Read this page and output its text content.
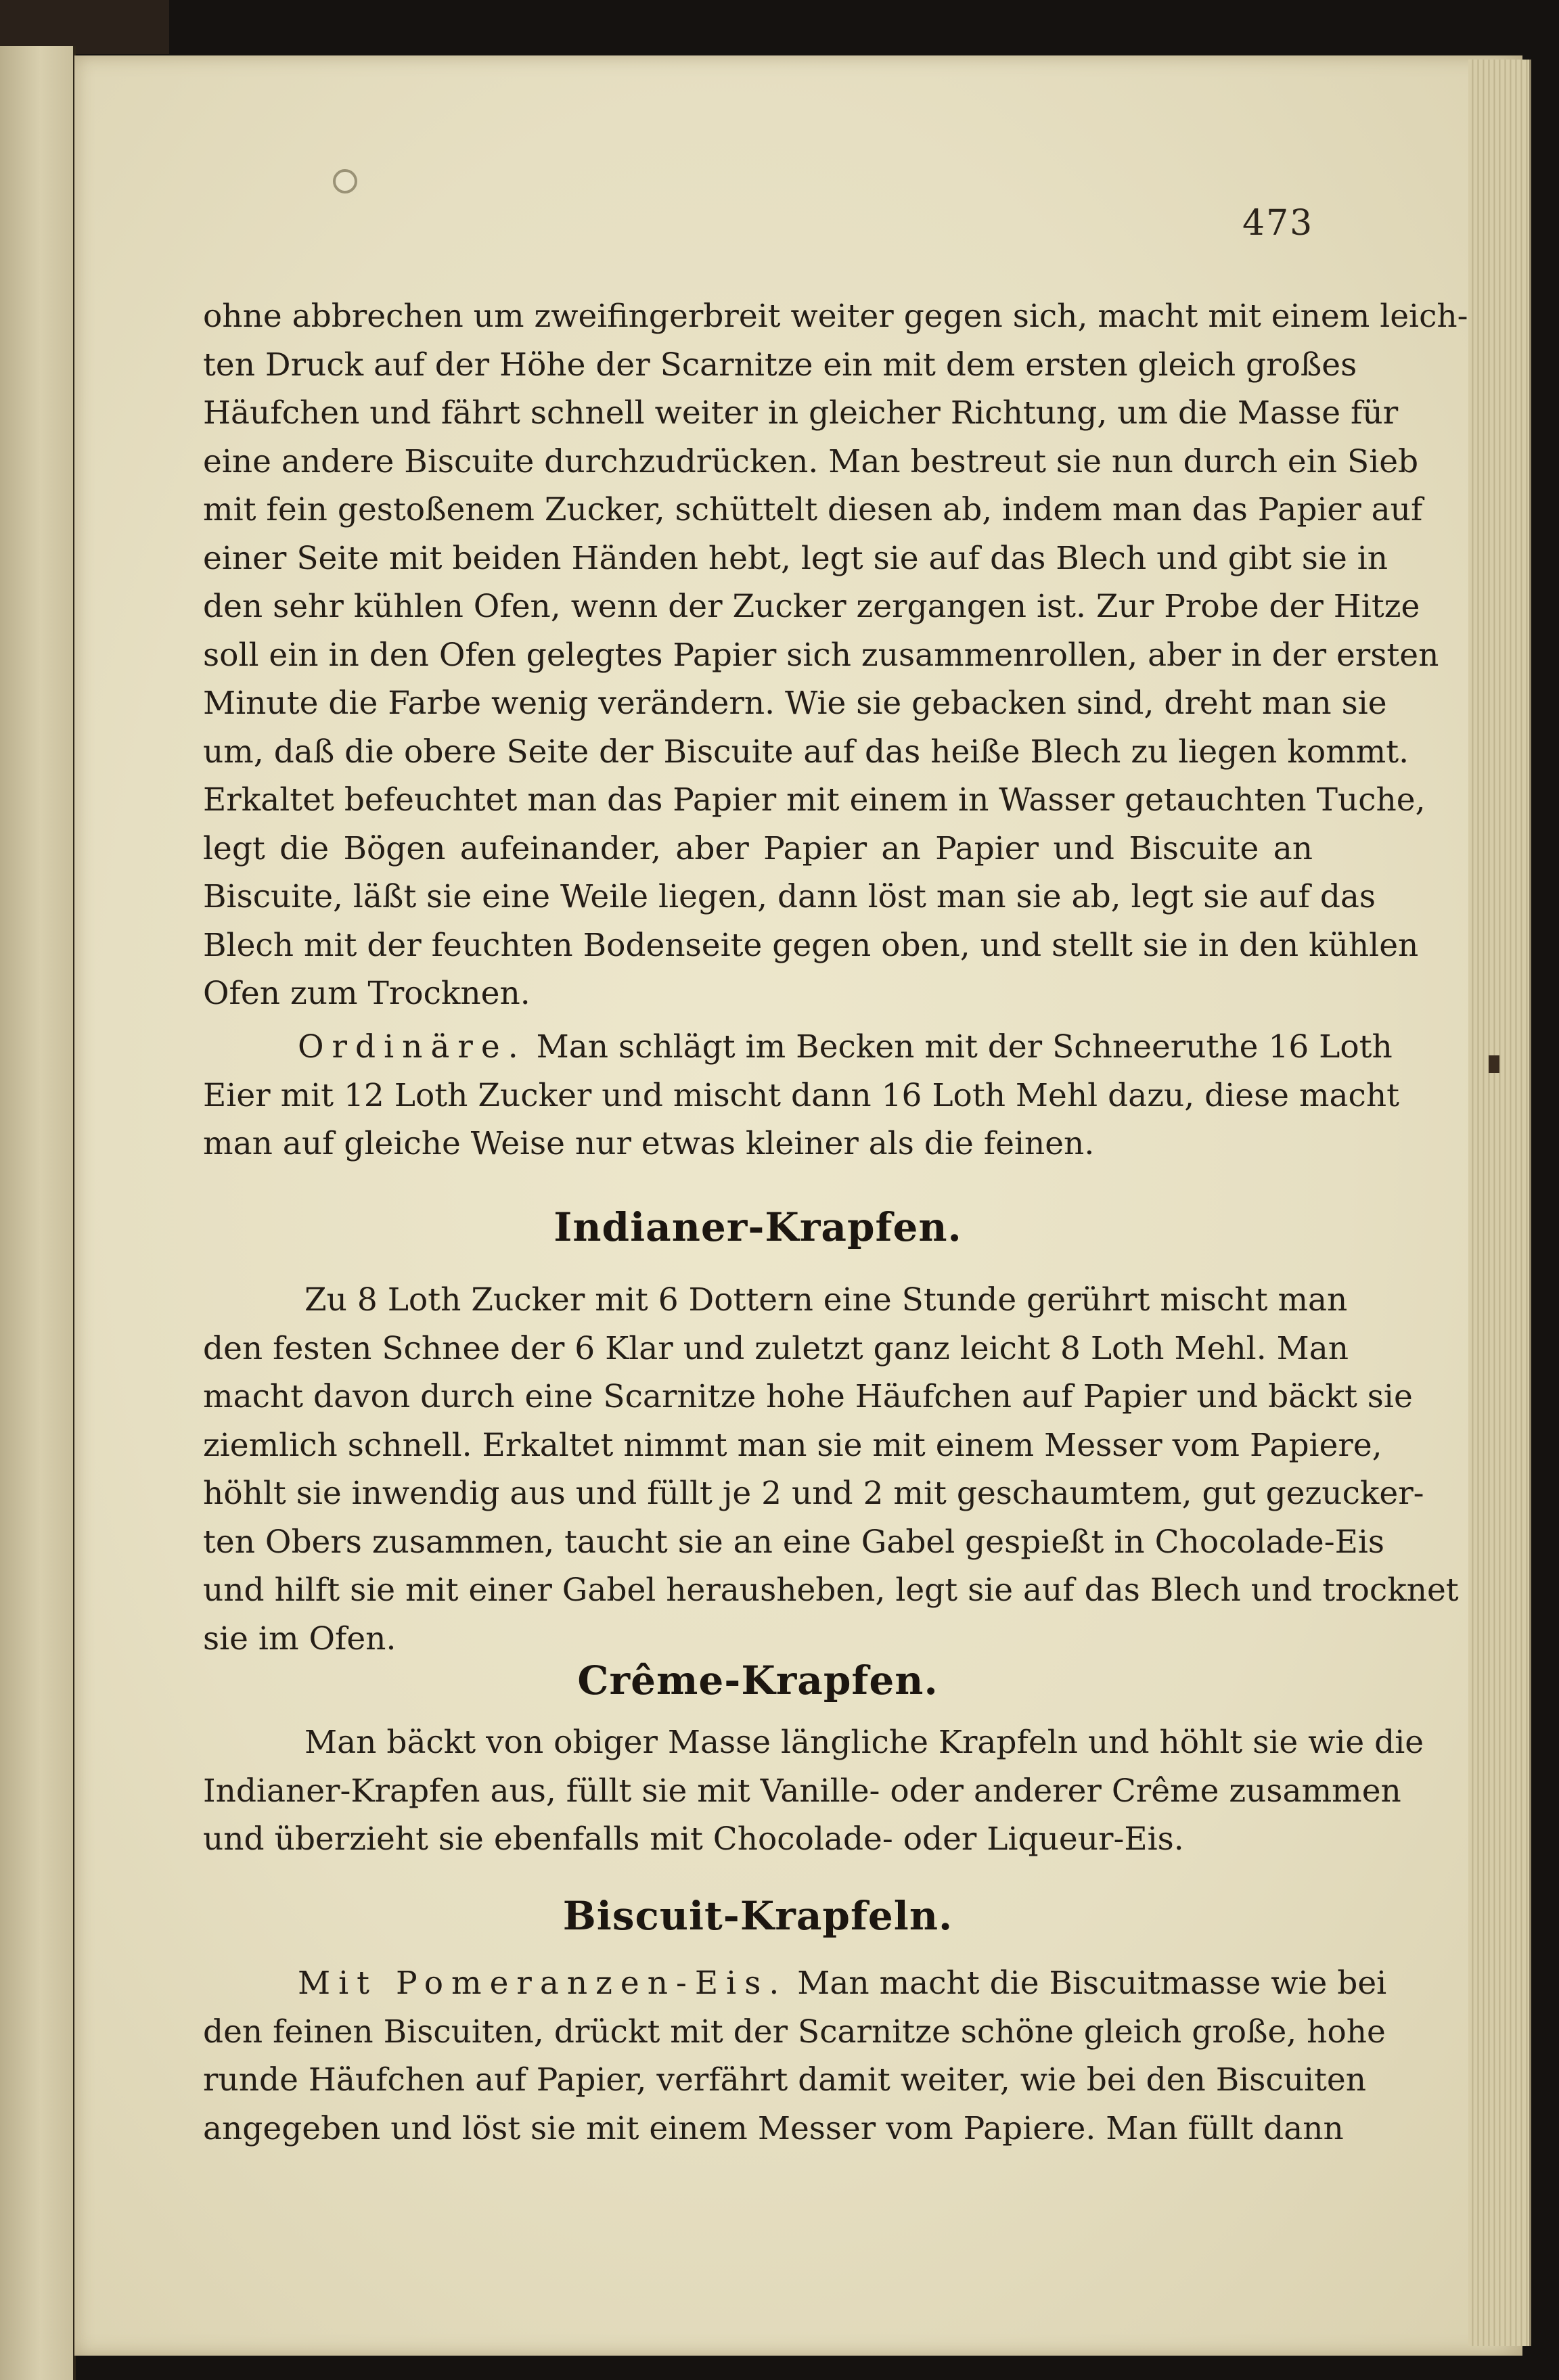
473
ohne abbrechen um zweifingerbreit weiter gegen sich, macht mit einem leich-
ten Druck auf der Höhe der Scarnitze ein mit dem ersten gleich großes
Häufchen und fährt schnell weiter in gleicher Richtung, um die Masse für
eine andere Biscuite durchzudrücken. Man bestreut sie nun durch ein Sieb
mit fein gestoßenem Zucker, schüttelt diesen ab, indem man das Papier auf
einer Seite mit beiden Händen hebt, legt sie auf das Blech und gibt sie in
den sehr kühlen Ofen, wenn der Zucker zergangen ist. Zur Probe der Hitze
soll ein in den Ofen gelegtes Papier sich zusammenrollen, aber in der ersten
Minute die Farbe wenig verändern. Wie sie gebacken sind, dreht man sie
um, daß die obere Seite der Biscuite auf das heiße Blech zu liegen kommt.
Erkaltet befeuchtet man das Papier mit einem in Wasser getauchten Tuche,
legt die Bögen aufeinander, aber Papier an Papier und Biscuite an
Biscuite, läßt sie eine Weile liegen, dann löst man sie ab, legt sie auf das
Blech mit der feuchten Bodenseite gegen oben, und stellt sie in den kühlen
Ofen zum Trocknen.
Ordinäre. Man schlägt im Becken mit der Schneeruthe 16 Loth
Eier mit 12 Loth Zucker und mischt dann 16 Loth Mehl dazu, diese macht
man auf gleiche Weise nur etwas kleiner als die feinen.
Indianer-Krapfen.
Zu 8 Loth Zucker mit 6 Dottern eine Stunde gerührt mischt man
den festen Schnee der 6 Klar und zuletzt ganz leicht 8 Loth Mehl. Man
macht davon durch eine Scarnitze hohe Häufchen auf Papier und bäckt sie
ziemlich schnell. Erkaltet nimmt man sie mit einem Messer vom Papiere,
höhlt sie inwendig aus und füllt je 2 und 2 mit geschaumtem, gut gezucker-
ten Obers zusammen, taucht sie an eine Gabel gespießt in Chocolade-Eis
und hilft sie mit einer Gabel herausheben, legt sie auf das Blech und trocknet
sie im Ofen.
Crême-Krapfen.
Man bäckt von obiger Masse längliche Krapfeln und höhlt sie wie die
Indianer-Krapfen aus, füllt sie mit Vanille- oder anderer Crême zusammen
und überzieht sie ebenfalls mit Chocolade- oder Liqueur-Eis.
Biscuit-Krapfeln.
Mit Pomeranzen-Eis. Man macht die Biscuitmasse wie bei
den feinen Biscuiten, drückt mit der Scarnitze schöne gleich große, hohe
runde Häufchen auf Papier, verfährt damit weiter, wie bei den Biscuiten
angegeben und löst sie mit einem Messer vom Papiere. Man füllt dann
